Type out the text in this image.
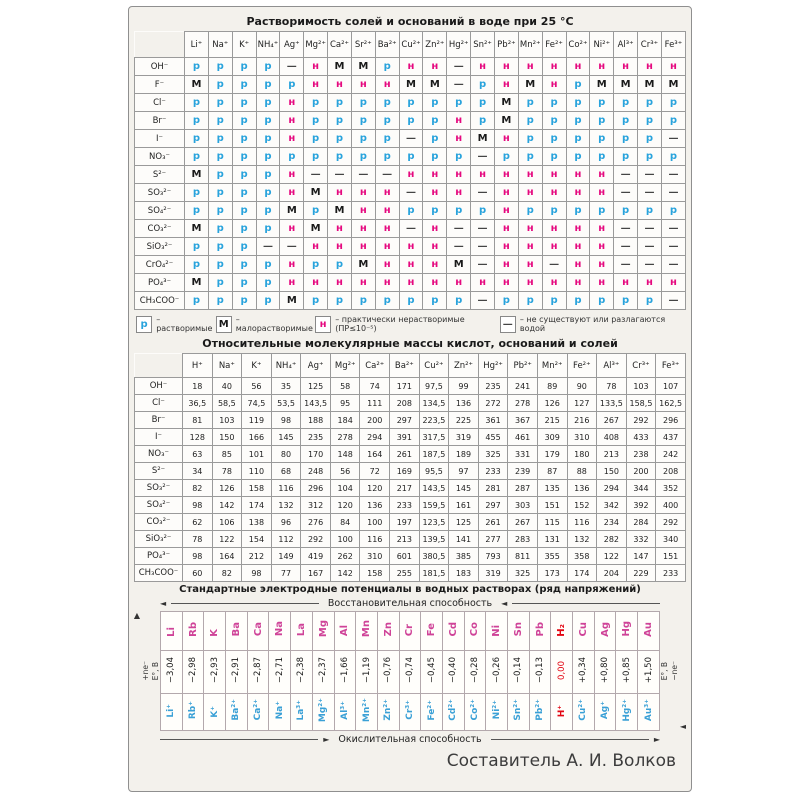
Растворимость солей и оснований в воде при 25 °C
	Li⁺	Na⁺	K⁺	NH₄⁺	Ag⁺	Mg²⁺	Ca²⁺	Sr²⁺	Ba²⁺	Cu²⁺	Zn²⁺	Hg²⁺	Sn²⁺	Pb²⁺	Mn²⁺	Fe²⁺	Co²⁺	Ni²⁺	Al³⁺	Cr³⁺	Fe³⁺
OH⁻	р	р	р	р	—	н	М	М	р	н	н	—	н	н	н	н	н	н	н	н	н
F⁻	М	р	р	р	р	н	н	н	н	М	М	—	р	н	М	н	р	М	М	М	М
Cl⁻	р	р	р	р	н	р	р	р	р	р	р	р	р	М	р	р	р	р	р	р	р
Br⁻	р	р	р	р	н	р	р	р	р	р	р	н	р	М	р	р	р	р	р	р	р
I⁻	р	р	р	р	н	р	р	р	р	—	р	н	М	н	р	р	р	р	р	р	—
NO₃⁻	р	р	р	р	р	р	р	р	р	р	р	р	—	р	р	р	р	р	р	р	р
S²⁻	М	р	р	р	н	—	—	—	—	н	н	н	н	н	н	н	н	н	—	—	—
SO₃²⁻	р	р	р	р	н	М	н	н	н	—	н	н	—	н	н	н	н	н	—	—	—
SO₄²⁻	р	р	р	р	М	р	М	н	н	р	р	р	р	н	р	р	р	р	р	р	р
CO₃²⁻	М	р	р	р	н	М	н	н	н	—	н	—	—	н	н	н	н	н	—	—	—
SiO₃²⁻	р	р	р	—	—	н	н	н	н	н	н	—	—	н	н	н	н	н	—	—	—
CrO₄²⁻	р	р	р	р	н	р	р	М	н	н	н	М	—	н	н	—	н	н	—	—	—
PO₄³⁻	М	р	р	р	н	н	н	н	н	н	н	н	н	н	н	н	н	н	н	н	н
CH₃COO⁻	р	р	р	р	М	р	р	р	р	р	р	р	—	р	р	р	р	р	р	р	—
р	– растворимые М – малорастворимые н	– практически нерастворимые (ПР≤10⁻⁵)	— – не существуют или разлагаются водой
Относительные молекулярные массы кислот, оснований и солей
	H⁺	Na⁺	K⁺	NH₄⁺	Ag⁺	Mg²⁺	Ca²⁺	Ba²⁺	Cu²⁺	Zn²⁺	Hg²⁺	Pb²⁺	Mn²⁺	Fe²⁺	Al³⁺	Cr³⁺	Fe³⁺
OH⁻	18	40	56	35	125	58	74	171	97,5	99	235	241	89	90	78	103	107
Cl⁻	36,5	58,5	74,5	53,5	143,5	95	111	208	134,5	136	272	278	126	127	133,5	158,5	162,5
Br⁻	81	103	119	98	188	184	200	297	223,5	225	361	367	215	216	267	292	296
I⁻	128	150	166	145	235	278	294	391	317,5	319	455	461	309	310	408	433	437
NO₃⁻	63	85	101	80	170	148	164	261	187,5	189	325	331	179	180	213	238	242
S²⁻	34	78	110	68	248	56	72	169	95,5	97	233	239	87	88	150	200	208
SO₃²⁻	82	126	158	116	296	104	120	217	143,5	145	281	287	135	136	294	344	352
SO₄²⁻	98	142	174	132	312	120	136	233	159,5	161	297	303	151	152	342	392	400
CO₃²⁻	62	106	138	96	276	84	100	197	123,5	125	261	267	115	116	234	284	292
SiO₃²⁻	78	122	154	112	292	100	116	213	139,5	141	277	283	131	132	282	332	340
PO₄³⁻	98	164	212	149	419	262	310	601	380,5	385	793	811	355	358	122	147	151
CH₃COO⁻	60	82	98	77	167	142	158	255	181,5	183	319	325	173	174	204	229	233
Стандартные электродные потенциалы в водных растворах (ряд напряжений)
◄	Восстановительная способность	◄
▲
+ne⁻ E°, В
Li	Rb	K	Ba	Ca	Na	La	Mg	Al	Mn	Zn	Cr	Fe	Cd	Co	Ni	Sn	Pb	H₂	Cu	Ag	Hg	Au
−3,04	−2,98	−2,93	−2,91	−2,87	−2,71	−2,38	−2,37	−1,66	−1,19	−0,76	−0,74	−0,45	−0,40	−0,28	−0,26	−0,14	−0,13	0,00	+0,34	+0,80	+0,85	+1,50
Li⁺	Rb⁺	K⁺	Ba²⁺	Ca²⁺	Na⁺	La³⁺	Mg²⁺	Al³⁺	Mn²⁺	Zn²⁺	Cr³⁺	Fe²⁺	Cd²⁺	Co²⁺	Ni²⁺	Sn²⁺	Pb²⁺	H⁺	Cu²⁺	Ag⁺	Hg²⁺	Au³⁺
E°, В −ne⁻
◄
► Окислительная способность	►
Составитель А. И. Волков
